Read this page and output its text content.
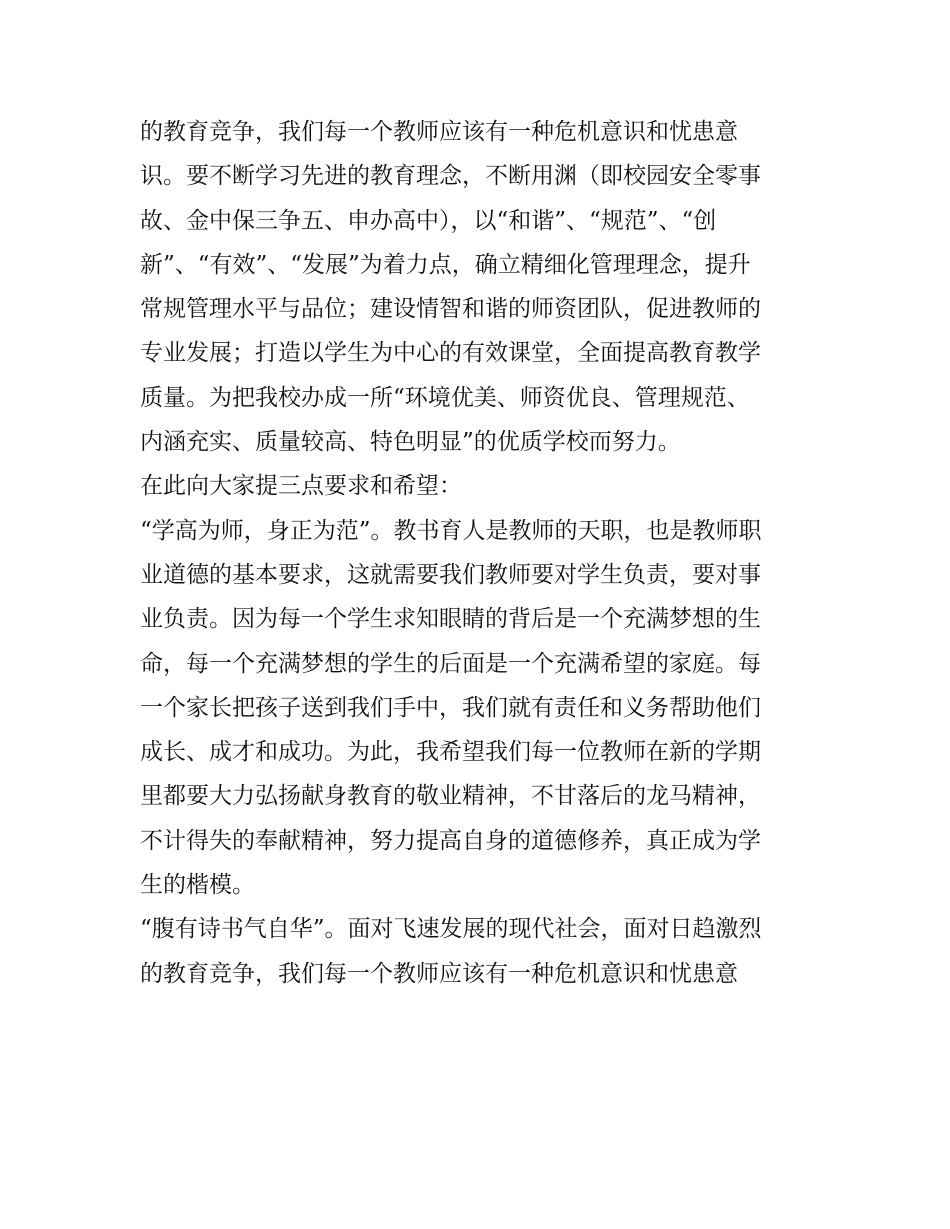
的教育竞争，我们每一个教师应该有一种危机意识和忧患意
识。要不断学习先进的教育理念，不断用渊（即校园安全零事
故、金中保三争五、申办高中），以“和谐”、“规范”、“创
新”、“有效”、“发展”为着力点，确立精细化管理理念，提升
常规管理水平与品位；建设情智和谐的师资团队，促进教师的
专业发展；打造以学生为中心的有效课堂，全面提高教育教学
质量。为把我校办成一所“环境优美、师资优良、管理规范、
内涵充实、质量较高、特色明显”的优质学校而努力。
在此向大家提三点要求和希望：
“学高为师，身正为范”。教书育人是教师的天职，也是教师职
业道德的基本要求，这就需要我们教师要对学生负责，要对事
业负责。因为每一个学生求知眼睛的背后是一个充满梦想的生
命，每一个充满梦想的学生的后面是一个充满希望的家庭。每
一个家长把孩子送到我们手中，我们就有责任和义务帮助他们
成长、成才和成功。为此，我希望我们每一位教师在新的学期
里都要大力弘扬献身教育的敬业精神，不甘落后的龙马精神，
不计得失的奉献精神，努力提高自身的道德修养，真正成为学
生的楷模。
“腹有诗书气自华”。面对飞速发展的现代社会，面对日趋激烈
的教育竞争，我们每一个教师应该有一种危机意识和忧患意
